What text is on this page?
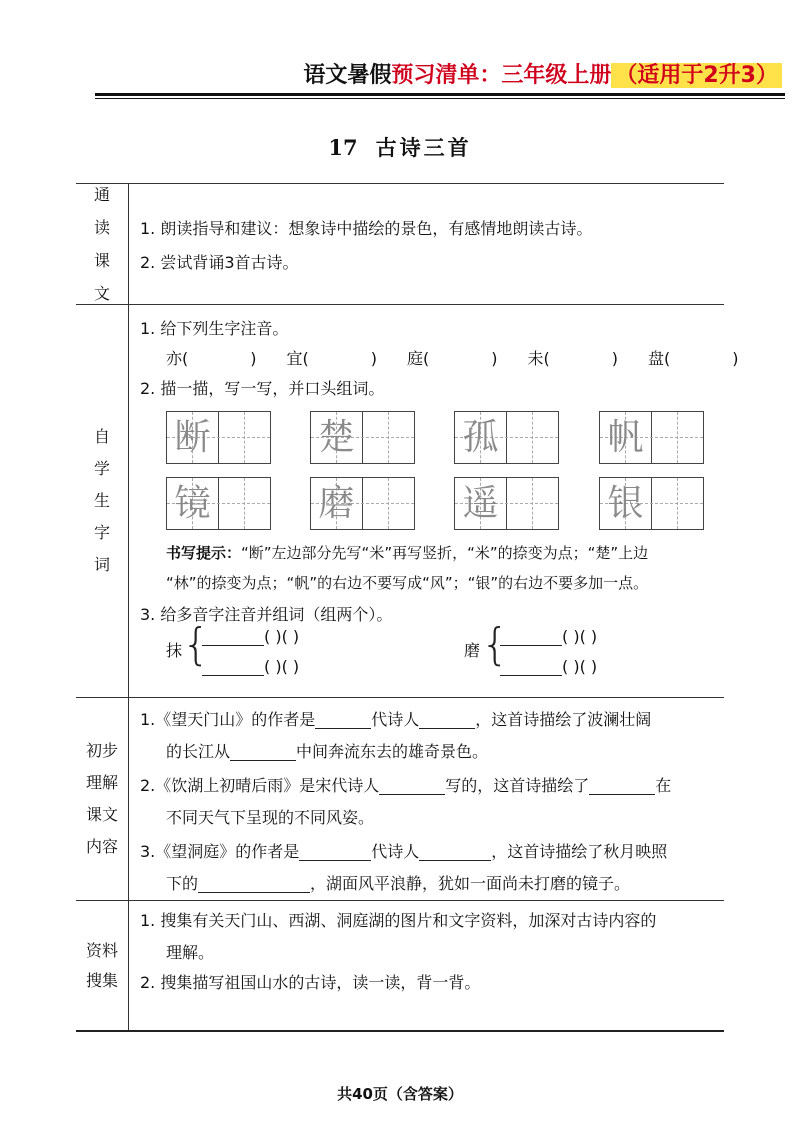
语文暑假预习清单：三年级上册 （适用于2升3）
17 古诗三首
通
读
课
文
1. 朗读指导和建议：想象诗中描绘的景色，有感情地朗读古诗。
2. 尝试背诵3首古诗。
自
学
生
字
词
1. 给下列生字注音。
亦(	) 宜(	) 庭(	) 未(	) 盘(	)
2. 描一描，写一写，并口头组词。
断	楚	孤	帆
镜	磨	遥	银
书写提示：“断”左边部分先写“米”再写竖折，“米”的捺变为点；“楚”上边
“林”的捺变为点；“帆”的右边不要写成“风”；“银”的右边不要多加一点。
3. 给多音字注音并组词（组两个）。
抹 {	( )( )
( )( )
磨 {	( )( )
( )( )
初步
理解
课文
内容
1.《望天门山》的作者是	代诗人	，这首诗描绘了波澜壮阔
的长江从	中间奔流东去的雄奇景色。
2.《饮湖上初晴后雨》是宋代诗人	写的，这首诗描绘了	在
不同天气下呈现的不同风姿。
3.《望洞庭》的作者是	代诗人	，这首诗描绘了秋月映照
下的	，湖面风平浪静，犹如一面尚未打磨的镜子。
资料
搜集
1. 搜集有关天门山、西湖、洞庭湖的图片和文字资料，加深对古诗内容的
理解。
2. 搜集描写祖国山水的古诗，读一读，背一背。
共40页（含答案）
